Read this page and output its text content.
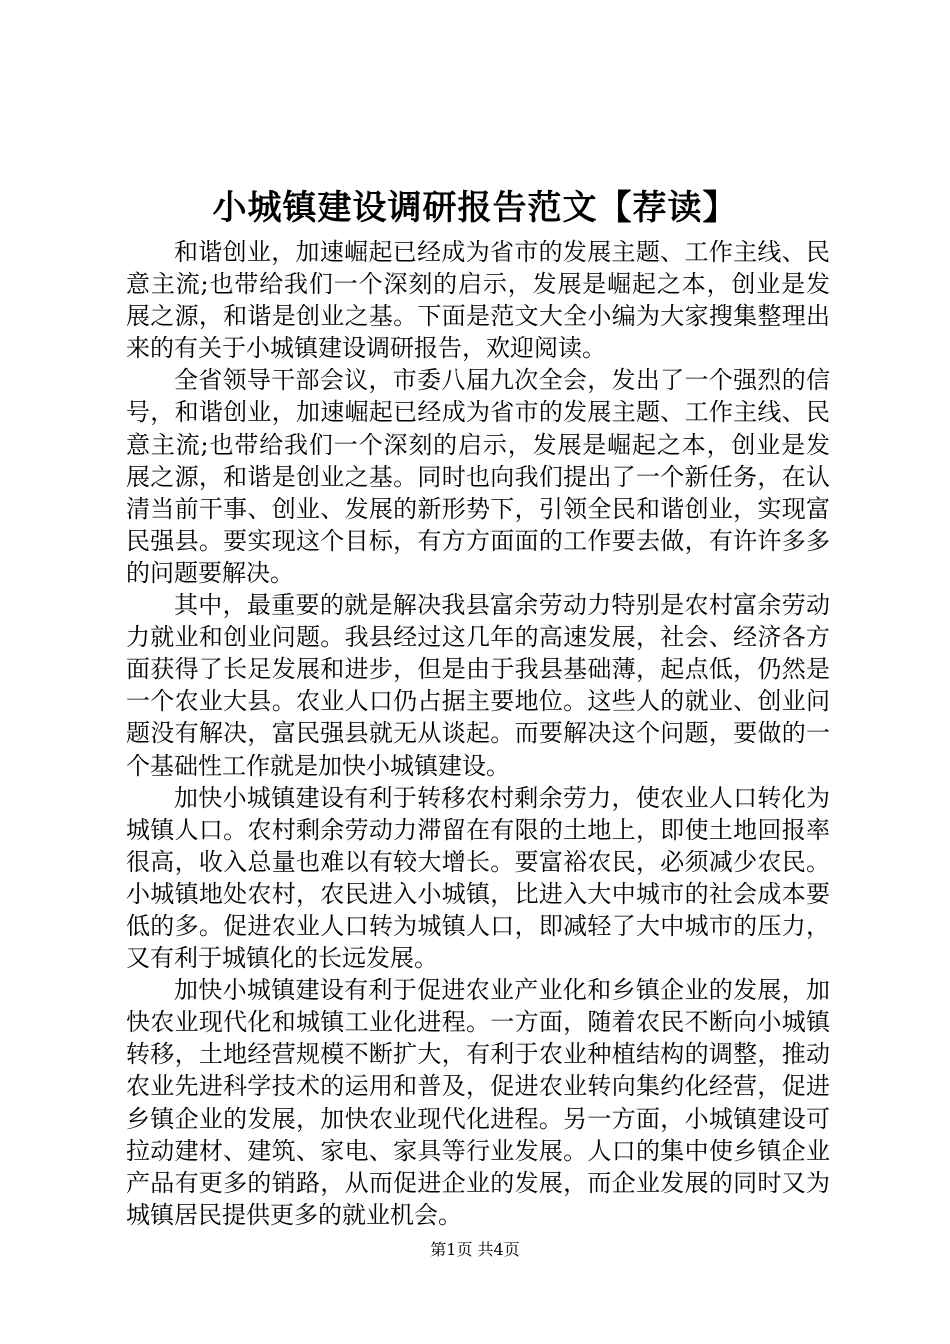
小城镇建设调研报告范文【荐读】

和谐创业，加速崛起已经成为省市的发展主题、工作主线、民意主流;也带给我们一个深刻的启示，发展是崛起之本，创业是发展之源，和谐是创业之基。下面是范文大全小编为大家搜集整理出来的有关于小城镇建设调研报告，欢迎阅读。

全省领导干部会议，市委八届九次全会，发出了一个强烈的信号，和谐创业，加速崛起已经成为省市的发展主题、工作主线、民意主流;也带给我们一个深刻的启示，发展是崛起之本，创业是发展之源，和谐是创业之基。同时也向我们提出了一个新任务，在认清当前干事、创业、发展的新形势下，引领全民和谐创业，实现富民强县。要实现这个目标，有方方面面的工作要去做，有许许多多的问题要解决。

其中，最重要的就是解决我县富余劳动力特别是农村富余劳动力就业和创业问题。我县经过这几年的高速发展，社会、经济各方面获得了长足发展和进步，但是由于我县基础薄，起点低，仍然是一个农业大县。农业人口仍占据主要地位。这些人的就业、创业问题没有解决，富民强县就无从谈起。而要解决这个问题，要做的一个基础性工作就是加快小城镇建设。

加快小城镇建设有利于转移农村剩余劳力，使农业人口转化为城镇人口。农村剩余劳动力滞留在有限的土地上，即使土地回报率很高，收入总量也难以有较大增长。要富裕农民，必须减少农民。小城镇地处农村，农民进入小城镇，比进入大中城市的社会成本要低的多。促进农业人口转为城镇人口，即减轻了大中城市的压力，又有利于城镇化的长远发展。

加快小城镇建设有利于促进农业产业化和乡镇企业的发展，加快农业现代化和城镇工业化进程。一方面，随着农民不断向小城镇转移，土地经营规模不断扩大，有利于农业种植结构的调整，推动农业先进科学技术的运用和普及，促进农业转向集约化经营，促进乡镇企业的发展，加快农业现代化进程。另一方面，小城镇建设可拉动建材、建筑、家电、家具等行业发展。人口的集中使乡镇企业产品有更多的销路，从而促进企业的发展，而企业发展的同时又为城镇居民提供更多的就业机会。

第1页 共4页
